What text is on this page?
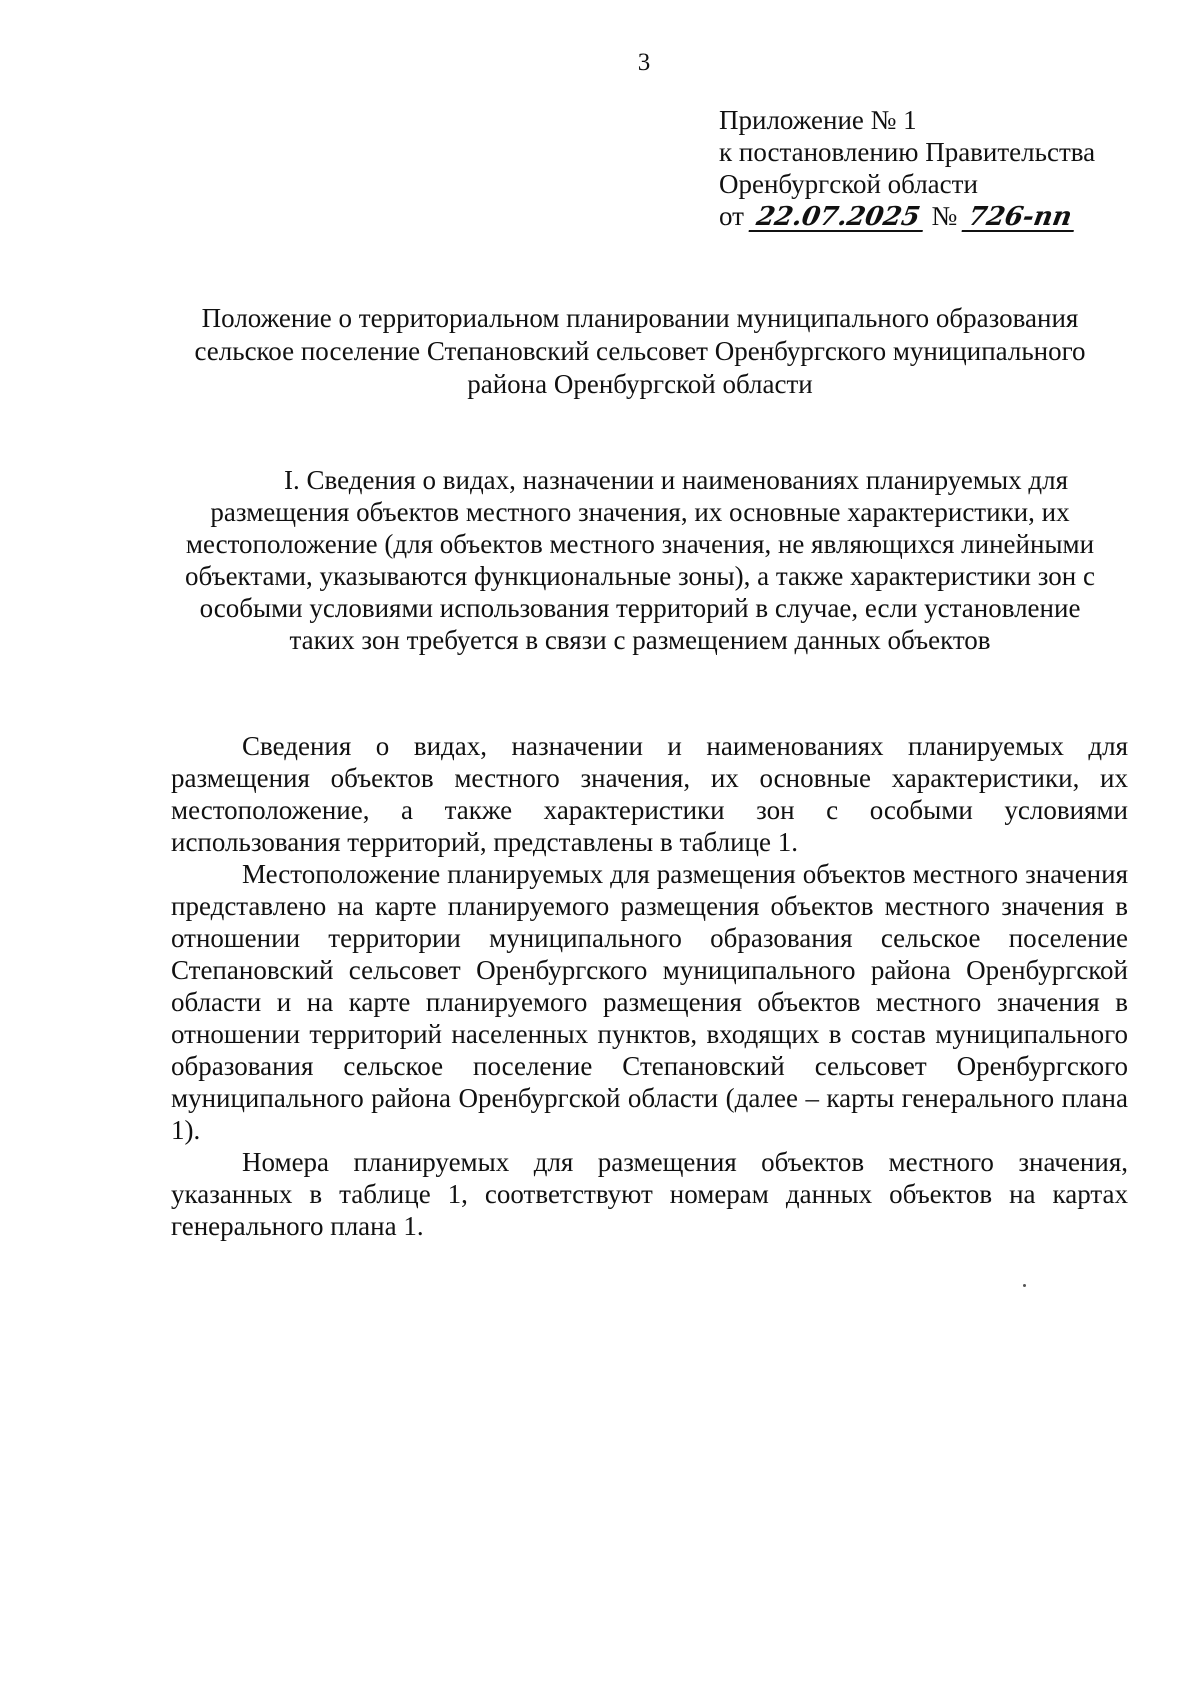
3
Приложение № 1
к постановлению Правительства
Оренбургской области
от 22.07.2025 № 726-пп
Положение о территориальном планировании муниципального образования сельское поселение Степановский сельсовет Оренбургского муниципального района Оренбургской области
I. Сведения о видах, назначении и наименованиях планируемых для размещения объектов местного значения, их основные характеристики, их местоположение (для объектов местного значения, не являющихся линейными объектами, указываются функциональные зоны), а также характеристики зон с особыми условиями использования территорий в случае, если установление таких зон требуется в связи с размещением данных объектов

Сведения о видах, назначении и наименованиях планируемых для размещения объектов местного значения, их основные характеристики, их местоположение, а также характеристики зон с особыми условиями использования территорий, представлены в таблице 1.

Местоположение планируемых для размещения объектов местного значения представлено на карте планируемого размещения объектов местного значения в отношении территории муниципального образования сельское поселение Степановский сельсовет Оренбургского муниципального района Оренбургской области и на карте планируемого размещения объектов местного значения в отношении территорий населенных пунктов, входящих в состав муниципального образования сельское поселение Степановский сельсовет Оренбургского муниципального района Оренбургской области (далее – карты генерального плана 1).

Номера планируемых для размещения объектов местного значения, указанных в таблице 1, соответствуют номерам данных объектов на картах генерального плана 1.
